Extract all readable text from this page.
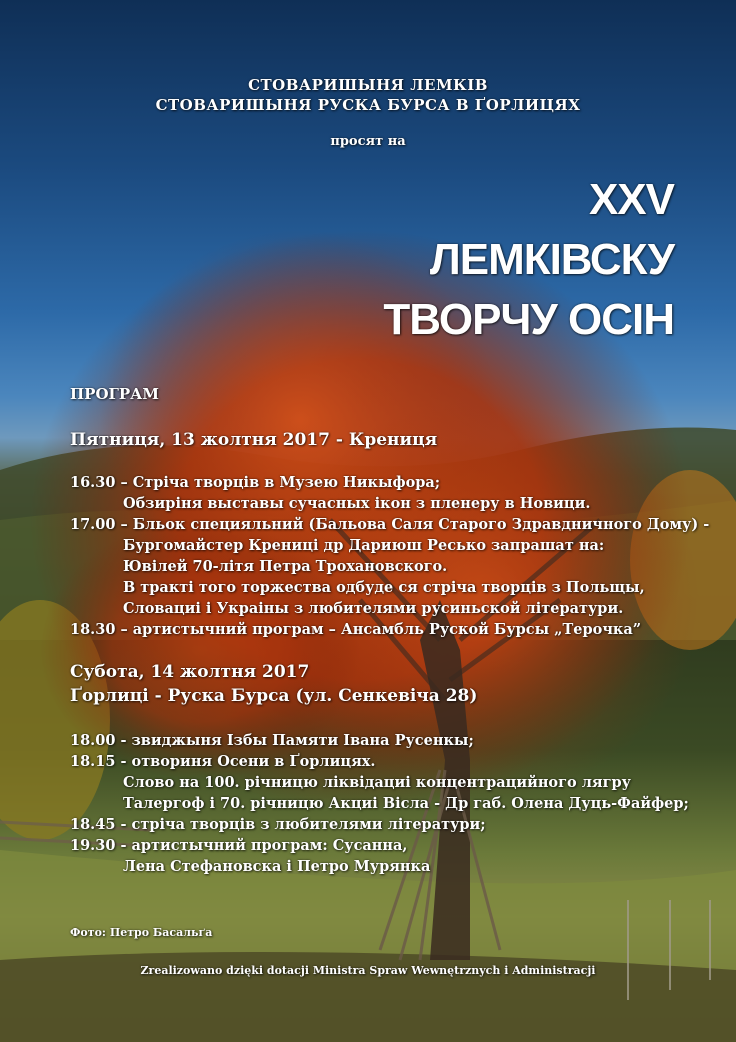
СТОВАРИШЫНЯ ЛЕМКІВ
СТОВАРИШЫНЯ РУСКА БУРСА В ҐОРЛИЦЯХ
просят на
XXV
ЛЕМКІВСКУ
ТВОРЧУ ОСІН
ПРОГРАМ
Пятниця, 13 жолтня 2017 - Крениця
16.30 – Стріча творців в Музею Никыфора;
Обзиріня выставы сучасных ікон з пленеру в Новици.
17.00 – Бльок специяльний (Бальова Саля Старого Здравдничного Дому) -
Бургомайстер Крениці др Дариюш Ресько запрашат на:
Ювілей 70-літя Петра Трохановского.
В тракті того торжества одбуде ся стріча творців з Польщы,
Словациі і Украіны з любителями русиньской літератури.
18.30 – артистычний програм – Ансамбль Руской Бурсы „Терочка”
Субота, 14 жолтня 2017
Ґорлиці - Руска Бурса (ул. Сенкевіча 28)
18.00 - звиджыня Ізбы Памяти Івана Русенкы;
18.15 - отвориня Осени в Ґорлицях.
Слово на 100. річницю лiквiдациі концентрацийного лягру
Талергоф і 70. річницю Акциі Віcла - Др габ. Олена Дуць-Файфер;
18.45 - стріча творців з любителями літератури;
19.30 - артистычний програм: Сусанна,
Лена Стефановска і Петро Мурянка
Фото: Петро Басальґа
Zrealizowano dzięki dotacji Ministra Spraw Wewnętrznych i Administracji
